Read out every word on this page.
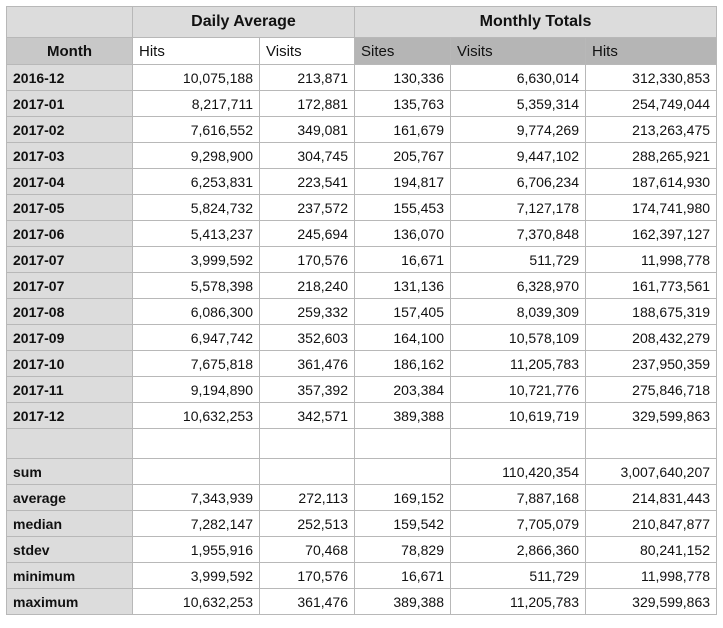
	Daily Average		Monthly Totals		
Month	Hits	Visits	Sites	Visits	Hits
2016-12	10,075,188	213,871	130,336	6,630,014	312,330,853
2017-01	8,217,711	172,881	135,763	5,359,314	254,749,044
2017-02	7,616,552	349,081	161,679	9,774,269	213,263,475
2017-03	9,298,900	304,745	205,767	9,447,102	288,265,921
2017-04	6,253,831	223,541	194,817	6,706,234	187,614,930
2017-05	5,824,732	237,572	155,453	7,127,178	174,741,980
2017-06	5,413,237	245,694	136,070	7,370,848	162,397,127
2017-07	3,999,592	170,576	16,671	511,729	11,998,778
2017-07	5,578,398	218,240	131,136	6,328,970	161,773,561
2017-08	6,086,300	259,332	157,405	8,039,309	188,675,319
2017-09	6,947,742	352,603	164,100	10,578,109	208,432,279
2017-10	7,675,818	361,476	186,162	11,205,783	237,950,359
2017-11	9,194,890	357,392	203,384	10,721,776	275,846,718
2017-12	10,632,253	342,571	389,388	10,619,719	329,599,863

sum				110,420,354	3,007,640,207
average	7,343,939	272,113	169,152	7,887,168	214,831,443
median	7,282,147	252,513	159,542	7,705,079	210,847,877
stdev	1,955,916	70,468	78,829	2,866,360	80,241,152
minimum	3,999,592	170,576	16,671	511,729	11,998,778
maximum	10,632,253	361,476	389,388	11,205,783	329,599,863
